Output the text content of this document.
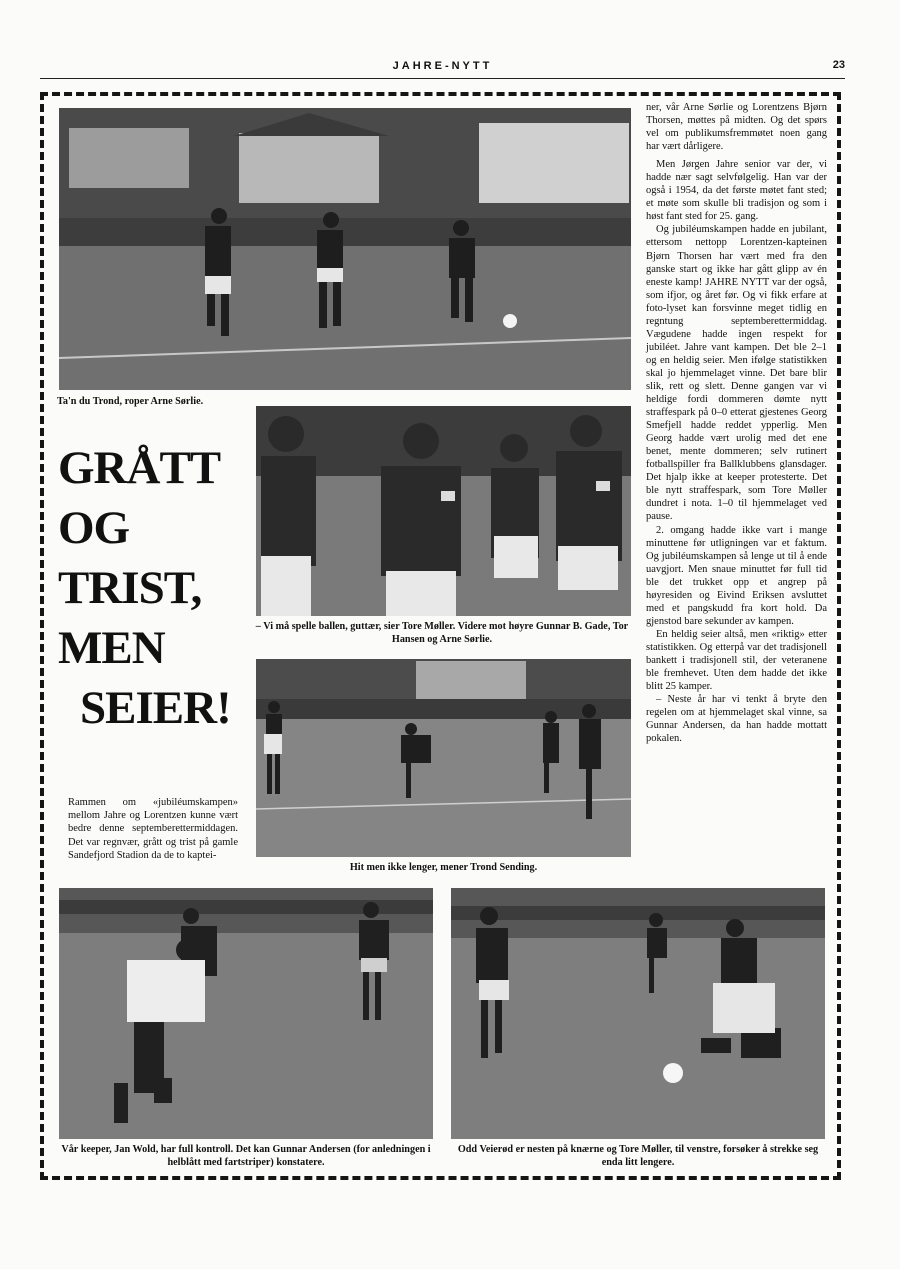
JAHRE-NYTT	23
Ta'n du Trond, roper Arne Sørlie.
GRÅTT
OG
TRIST,
MEN
SEIER!
– Vi må spelle ballen, guttær, sier Tore Møller. Videre mot høyre Gunnar B. Gade, Tor Hansen og Arne Sørlie.
Hit men ikke lenger, mener Trond Sending.
Rammen om «jubiléumskampen» mellom Jahre og Lorentzen kunne vært bedre denne septemberettermiddagen. Det var regnvær, grått og trist på gamle Sandefjord Stadion da de to kaptei-

ner, vår Arne Sørlie og Lorentzens Bjørn Thorsen, møttes på midten. Og det spørs vel om publikumsfremmøtet noen gang har vært dårligere.

Men Jørgen Jahre senior var der, vi hadde nær sagt selvfølgelig. Han var der også i 1954, da det første møtet fant sted; et møte som skulle bli tradisjon og som i høst fant sted for 25. gang.

Og jubiléumskampen hadde en jubilant, ettersom nettopp Lorentzen-kapteinen Bjørn Thorsen har vært med fra den ganske start og ikke har gått glipp av én eneste kamp! JAHRE NYTT var der også, som ifjor, og året før. Og vi fikk erfare at foto-lyset kan forsvinne meget tidlig en regntung septemberettermiddag. Vægudene hadde ingen respekt for jubiléet. Jahre vant kampen. Det ble 2–1 og en heldig seier. Men ifølge statistikken skal jo hjemmelaget vinne. Det bare blir slik, rett og slett. Denne gangen var vi heldige fordi dommeren dømte nytt straffespark på 0–0 etterat gjestenes Georg Smefjell hadde reddet ypperlig. Men Georg hadde vært urolig med det ene benet, mente dommeren; selv rutinert fotballspiller fra Ballklubbens glansdager. Det hjalp ikke at keeper protesterte. Det ble nytt straffespark, som Tore Møller dundret i nota. 1–0 til hjemmelaget ved pause.

2. omgang hadde ikke vart i mange minuttene før utligningen var et faktum. Og jubiléumskampen så lenge ut til å ende uavgjort. Men snaue minuttet før full tid ble det trukket opp et angrep på høyresiden og Eivind Eriksen avsluttet med et pangskudd fra kort hold. Da gjenstod bare sekunder av kampen.

En heldig seier altså, men «riktig» etter statistikken. Og etterpå var det tradisjonell bankett i tradisjonell stil, der veteranene ble fremhevet. Uten dem hadde det ikke blitt 25 kamper.

– Neste år har vi tenkt å bryte den regelen om at hjemmelaget skal vinne, sa Gunnar Andersen, da han hadde mottatt pokalen.

Vår keeper, Jan Wold, har full kontroll. Det kan Gunnar Andersen (for anledningen i helblått med fartstriper) konstatere.
Odd Veierød er nesten på knærne og Tore Møller, til venstre, forsøker å strekke seg enda litt lengere.
